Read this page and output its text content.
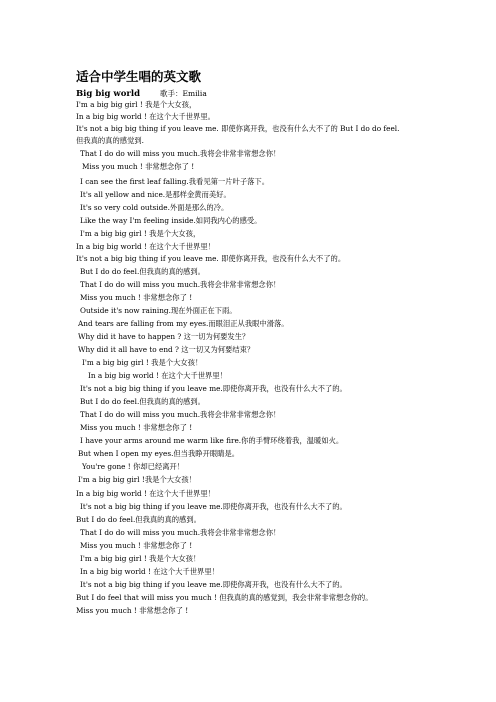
适合中学生唱的英文歌
Big big world	歌手：Emilia
I'm a big big girl ! 我是个大女孩，
In a big big world ! 在这个大千世界里。
It's not a big big thing if you leave me. 即使你离开我，也没有什么大不了的 But I do do feel.
但我真的真的感觉到.
That I do do will miss you much.我将会非常非常想念你！
Miss you much ! 非常想念你了 !
I can see the first leaf falling.我看见第一片叶子落下。
It's all yellow and nice.是那样金黄而美好。
It's so very cold outside.外面是那么的冷。
Like the way I'm feeling inside.如同我内心的感受。
I'm a big big girl ! 我是个大女孩，
In a big big world ! 在这个大千世界里！
It's not a big big thing if you leave me. 即使你离开我，也没有什么大不了的。
But I do do feel.但我真的真的感到。
That I do do will miss you much.我将会非常非常想念你！
Miss you much ! 非常想念你了 !
Outside it's now raining.现在外面正在下雨。
And tears are falling from my eyes.而眼泪正从我眼中滑落。
Why did it have to happen ? 这一切为何要发生？
Why did it all have to end ? 这一切又为何要结束？
I'm a big big girl ! 我是个大女孩！
In a big big world ! 在这个大千世界里！
It's not a big big thing if you leave me.即使你离开我，也没有什么大不了的。
But I do do feel.但我真的真的感到。
That I do do will miss you much.我将会非常非常想念你！
Miss you much ! 非常想念你了 !
I have your arms around me warm like fire.你的手臂环绕着我，温暖如火。
But when I open my eyes.但当我睁开眼睛是。
You're gone ! 你却已经离开！
I'm a big big girl !我是个大女孩！
In a big big world ! 在这个大千世界里！
It's not a big big thing if you leave me.即使你离开我，也没有什么大不了的。
But I do do feel.但我真的真的感到。
That I do do will miss you much.我将会非常非常想念你！
Miss you much ! 非常想念你了 !
I'm a big big girl ! 我是个大女孩！
In a big big world ! 在这个大千世界里！
It's not a big big thing if you leave me.即使你离开我，也没有什么大不了的。
But I do feel that will miss you much ! 但我真的真的感觉到，我会非常非常想念你的。
Miss you much ! 非常想念你了 !
